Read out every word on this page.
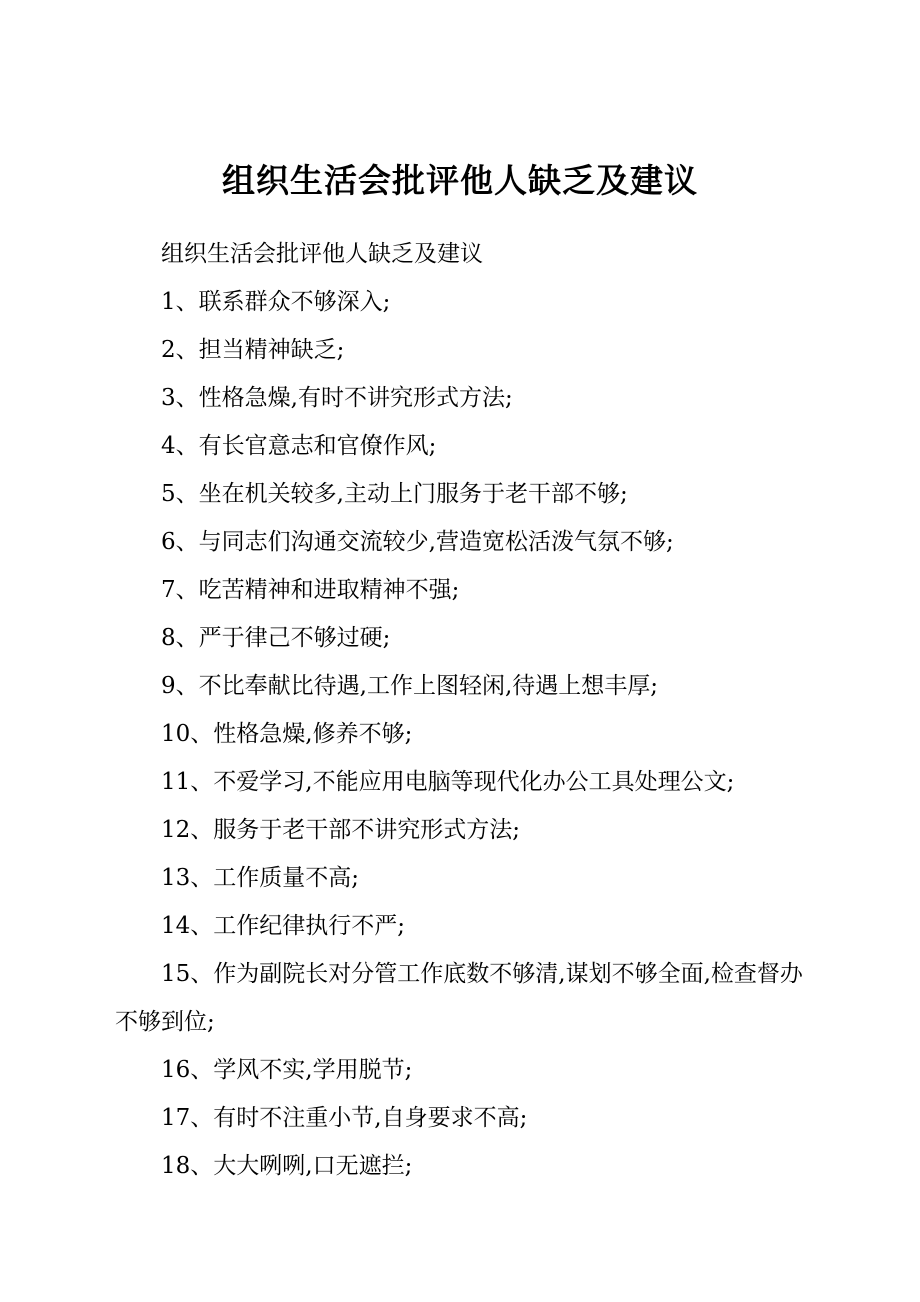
组织生活会批评他人缺乏及建议

组织生活会批评他人缺乏及建议

1、联系群众不够深入;

2、担当精神缺乏;

3、性格急燥,有时不讲究形式方法;

4、有长官意志和官僚作风;

5、坐在机关较多,主动上门服务于老干部不够;

6、与同志们沟通交流较少,营造宽松活泼气氛不够;

7、吃苦精神和进取精神不强;

8、严于律己不够过硬;

9、不比奉献比待遇,工作上图轻闲,待遇上想丰厚;

10、性格急燥,修养不够;

11、不爱学习,不能应用电脑等现代化办公工具处理公文;

12、服务于老干部不讲究形式方法;

13、工作质量不高;

14、工作纪律执行不严;

15、作为副院长对分管工作底数不够清,谋划不够全面,检查督办不够到位;

16、学风不实,学用脱节;

17、有时不注重小节,自身要求不高;

18、大大咧咧,口无遮拦;
